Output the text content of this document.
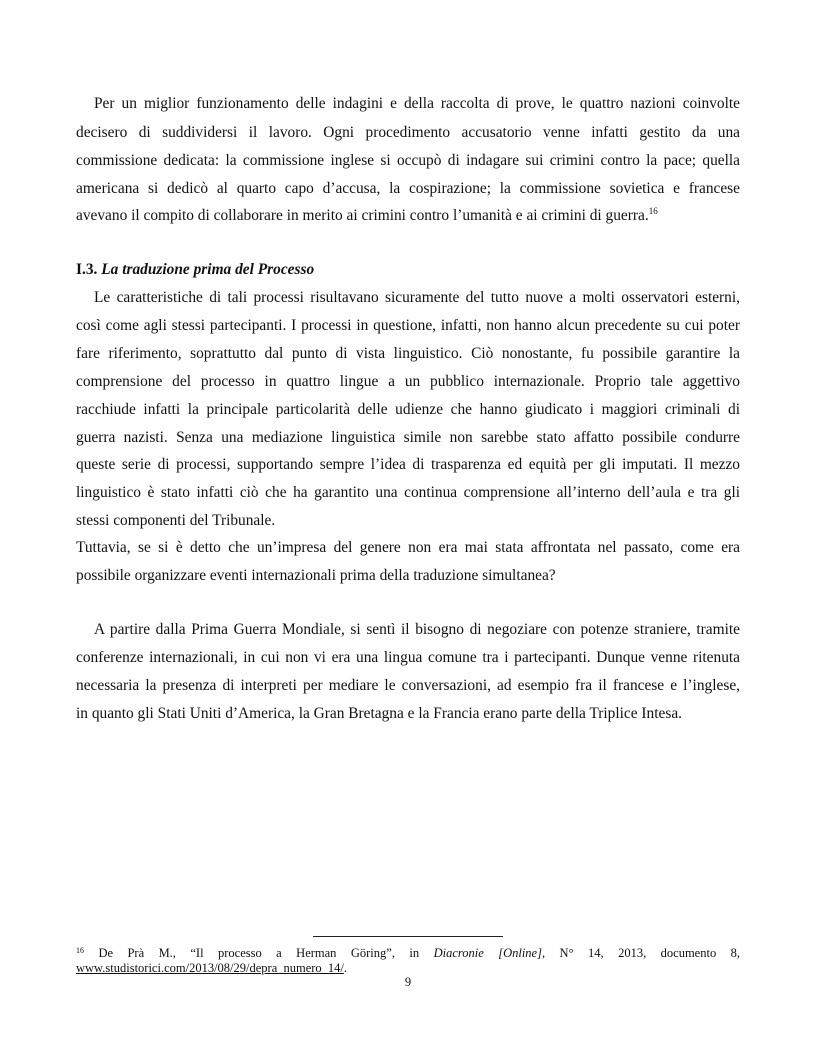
Per un miglior funzionamento delle indagini e della raccolta di prove, le quattro nazioni coinvolte
decisero di suddividersi il lavoro. Ogni procedimento accusatorio venne infatti gestito da una
commissione dedicata: la commissione inglese si occupò di indagare sui crimini contro la pace; quella
americana si dedicò al quarto capo d’accusa, la cospirazione; la commissione sovietica e francese
avevano il compito di collaborare in merito ai crimini contro l’umanità e ai crimini di guerra.$^{16}$
I.3. La traduzione prima del Processo
Le caratteristiche di tali processi risultavano sicuramente del tutto nuove a molti osservatori esterni,
così come agli stessi partecipanti. I processi in questione, infatti, non hanno alcun precedente su cui poter
fare riferimento, soprattutto dal punto di vista linguistico. Ciò nonostante, fu possibile garantire la
comprensione del processo in quattro lingue a un pubblico internazionale. Proprio tale aggettivo
racchiude infatti la principale particolarità delle udienze che hanno giudicato i maggiori criminali di
guerra nazisti. Senza una mediazione linguistica simile non sarebbe stato affatto possibile condurre
queste serie di processi, supportando sempre l’idea di trasparenza ed equità per gli imputati. Il mezzo
linguistico è stato infatti ciò che ha garantito una continua comprensione all’interno dell’aula e tra gli
stessi componenti del Tribunale.
Tuttavia, se si è detto che un’impresa del genere non era mai stata affrontata nel passato, come era
possibile organizzare eventi internazionali prima della traduzione simultanea?
A partire dalla Prima Guerra Mondiale, si sentì il bisogno di negoziare con potenze straniere, tramite
conferenze internazionali, in cui non vi era una lingua comune tra i partecipanti. Dunque venne ritenuta
necessaria la presenza di interpreti per mediare le conversazioni, ad esempio fra il francese e l’inglese,
in quanto gli Stati Uniti d’America, la Gran Bretagna e la Francia erano parte della Triplice Intesa.
$^{16}$ De Prà M., “Il processo a Herman Göring”, in Diacronie [Online], N° 14, 2013, documento 8,
www.studistorici.com/2013/08/29/depra_numero_14/.
9
